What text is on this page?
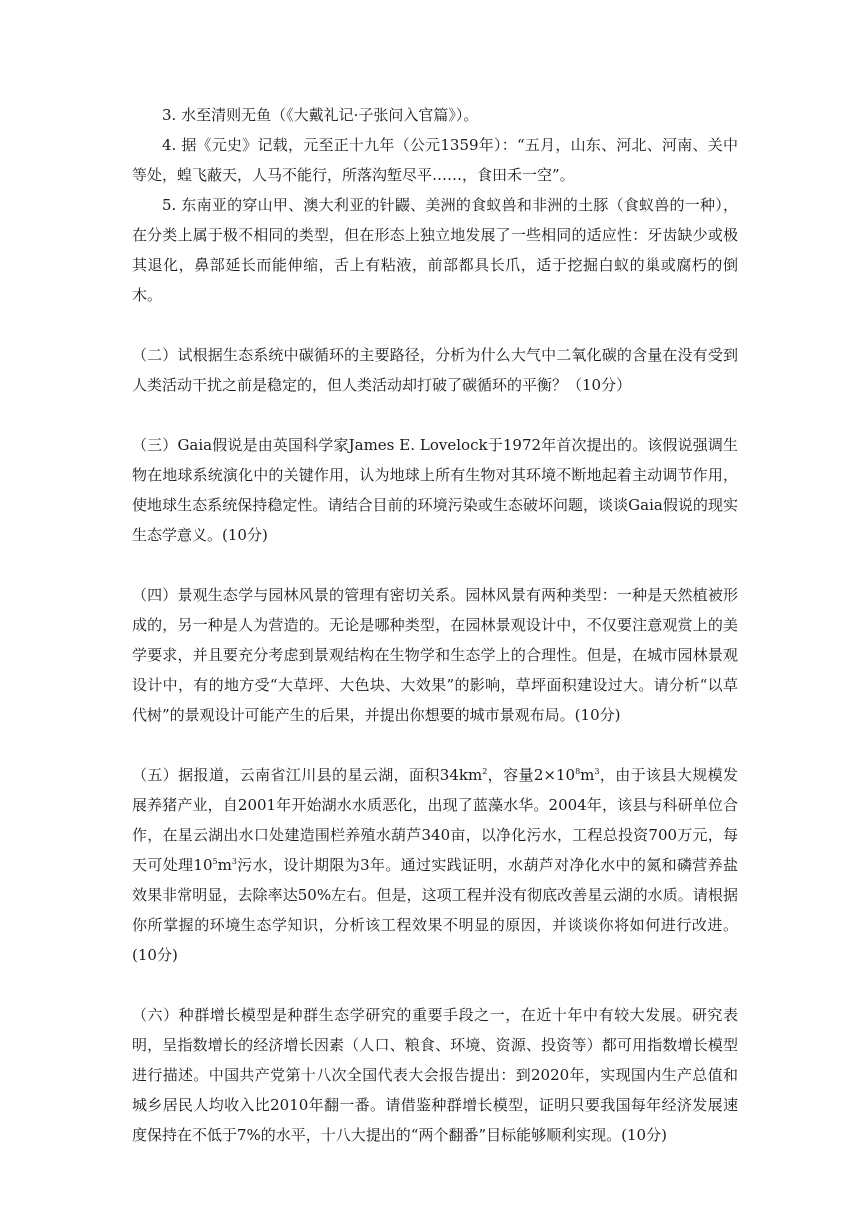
3. 水至清则无鱼（《大戴礼记·子张问入官篇》）。

4. 据《元史》记载，元至正十九年（公元1359年）：“五月，山东、河北、河南、关中等处，蝗飞蔽天，人马不能行，所落沟堑尽平……，食田禾一空”。

5. 东南亚的穿山甲、澳大利亚的针鼹、美洲的食蚁兽和非洲的土豚（食蚁兽的一种），在分类上属于极不相同的类型，但在形态上独立地发展了一些相同的适应性：牙齿缺少或极其退化，鼻部延长而能伸缩，舌上有粘液，前部都具长爪，适于挖掘白蚁的巢或腐朽的倒木。

（二）试根据生态系统中碳循环的主要路径，分析为什么大气中二氧化碳的含量在没有受到人类活动干扰之前是稳定的，但人类活动却打破了碳循环的平衡？（10分）

（三）Gaia假说是由英国科学家James E. Lovelock于1972年首次提出的。该假说强调生物在地球系统演化中的关键作用，认为地球上所有生物对其环境不断地起着主动调节作用，使地球生态系统保持稳定性。请结合目前的环境污染或生态破坏问题，谈谈Gaia假说的现实生态学意义。(10分)

（四）景观生态学与园林风景的管理有密切关系。园林风景有两种类型：一种是天然植被形成的，另一种是人为营造的。无论是哪种类型，在园林景观设计中，不仅要注意观赏上的美学要求，并且要充分考虑到景观结构在生物学和生态学上的合理性。但是，在城市园林景观设计中，有的地方受“大草坪、大色块、大效果”的影响，草坪面积建设过大。请分析“以草代树”的景观设计可能产生的后果，并提出你想要的城市景观布局。(10分)

（五）据报道，云南省江川县的星云湖，面积$34km^2$，容量$2\times 10^8m^3$，由于该县大规模发展养猪产业，自2001年开始湖水水质恶化，出现了蓝藻水华。2004年，该县与科研单位合作，在星云湖出水口处建造围栏养殖水葫芦340亩，以净化污水，工程总投资700万元，每天可处理$10^5m^3$污水，设计期限为3年。通过实践证明，水葫芦对净化水中的氮和磷营养盐效果非常明显，去除率达50%左右。但是，这项工程并没有彻底改善星云湖的水质。请根据你所掌握的环境生态学知识，分析该工程效果不明显的原因，并谈谈你将如何进行改进。(10分)

（六）种群增长模型是种群生态学研究的重要手段之一，在近十年中有较大发展。研究表明，呈指数增长的经济增长因素（人口、粮食、环境、资源、投资等）都可用指数增长模型进行描述。中国共产党第十八次全国代表大会报告提出：到2020年，实现国内生产总值和城乡居民人均收入比2010年翻一番。请借鉴种群增长模型，证明只要我国每年经济发展速度保持在不低于7%的水平，十八大提出的“两个翻番”目标能够顺利实现。(10分)
